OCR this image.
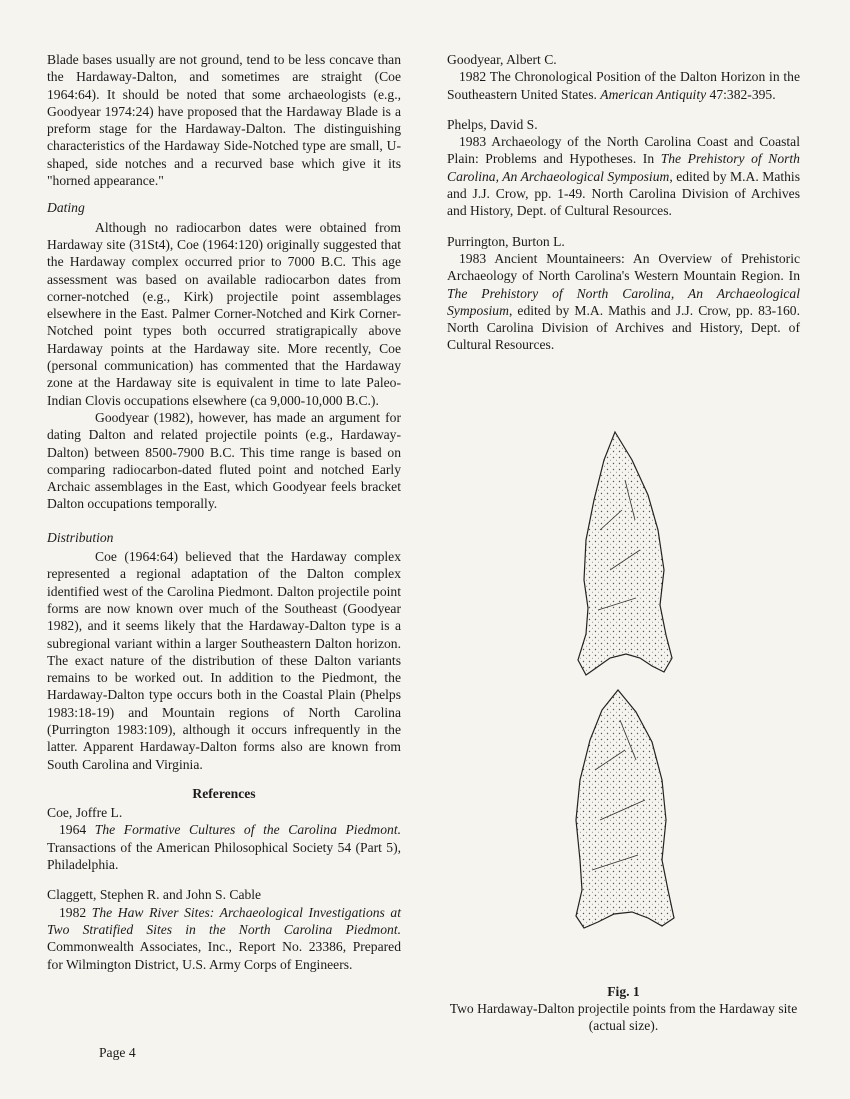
Blade bases usually are not ground, tend to be less concave than the Hardaway-Dalton, and sometimes are straight (Coe 1964:64). It should be noted that some archaeologists (e.g., Goodyear 1974:24) have proposed that the Hardaway Blade is a preform stage for the Hardaway-Dalton. The distinguishing characteristics of the Hardaway Side-Notched type are small, U-shaped, side notches and a recurved base which give it its "horned appearance."

Dating

Although no radiocarbon dates were obtained from Hardaway site (31St4), Coe (1964:120) originally suggested that the Hardaway complex occurred prior to 7000 B.C. This age assessment was based on available radiocarbon dates from corner-notched (e.g., Kirk) projectile point assemblages elsewhere in the East. Palmer Corner-Notched and Kirk Corner-Notched point types both occurred stratigrapically above Hardaway points at the Hardaway site. More recently, Coe (personal communication) has commented that the Hardaway zone at the Hardaway site is equivalent in time to late Paleo-Indian Clovis occupations elsewhere (ca 9,000-10,000 B.C.).

Goodyear (1982), however, has made an argument for dating Dalton and related projectile points (e.g., Hardaway-Dalton) between 8500-7900 B.C. This time range is based on comparing radiocarbon-dated fluted point and notched Early Archaic assemblages in the East, which Goodyear feels bracket Dalton occupations temporally.

Distribution

Coe (1964:64) believed that the Hardaway complex represented a regional adaptation of the Dalton complex identified west of the Carolina Piedmont. Dalton projectile point forms are now known over much of the Southeast (Goodyear 1982), and it seems likely that the Hardaway-Dalton type is a subregional variant within a larger Southeastern Dalton horizon. The exact nature of the distribution of these Dalton variants remains to be worked out. In addition to the Piedmont, the Hardaway-Dalton type occurs both in the Coastal Plain (Phelps 1983:18-19) and Mountain regions of North Carolina (Purrington 1983:109), although it occurs infrequently in the latter. Apparent Hardaway-Dalton forms also are known from South Carolina and Virginia.

References

Coe, Joffre L.
1964 The Formative Cultures of the Carolina Piedmont. Transactions of the American Philosophical Society 54 (Part 5), Philadelphia.
Claggett, Stephen R. and John S. Cable
1982 The Haw River Sites: Archaeological Investigations at Two Stratified Sites in the North Carolina Piedmont. Commonwealth Associates, Inc., Report No. 23386, Prepared for Wilmington District, U.S. Army Corps of Engineers.
Goodyear, Albert C.
1982 The Chronological Position of the Dalton Horizon in the Southeastern United States. American Antiquity 47:382-395.
Phelps, David S.
1983 Archaeology of the North Carolina Coast and Coastal Plain: Problems and Hypotheses. In The Prehistory of North Carolina, An Archaeological Symposium, edited by M.A. Mathis and J.J. Crow, pp. 1-49. North Carolina Division of Archives and History, Dept. of Cultural Resources.
Purrington, Burton L.
1983 Ancient Mountaineers: An Overview of Prehistoric Archaeology of North Carolina's Western Mountain Region. In The Prehistory of North Carolina, An Archaeological Symposium, edited by M.A. Mathis and J.J. Crow, pp. 83-160. North Carolina Division of Archives and History, Dept. of Cultural Resources.
Fig. 1
Two Hardaway-Dalton projectile points from the Hardaway site (actual size).
Page 4
